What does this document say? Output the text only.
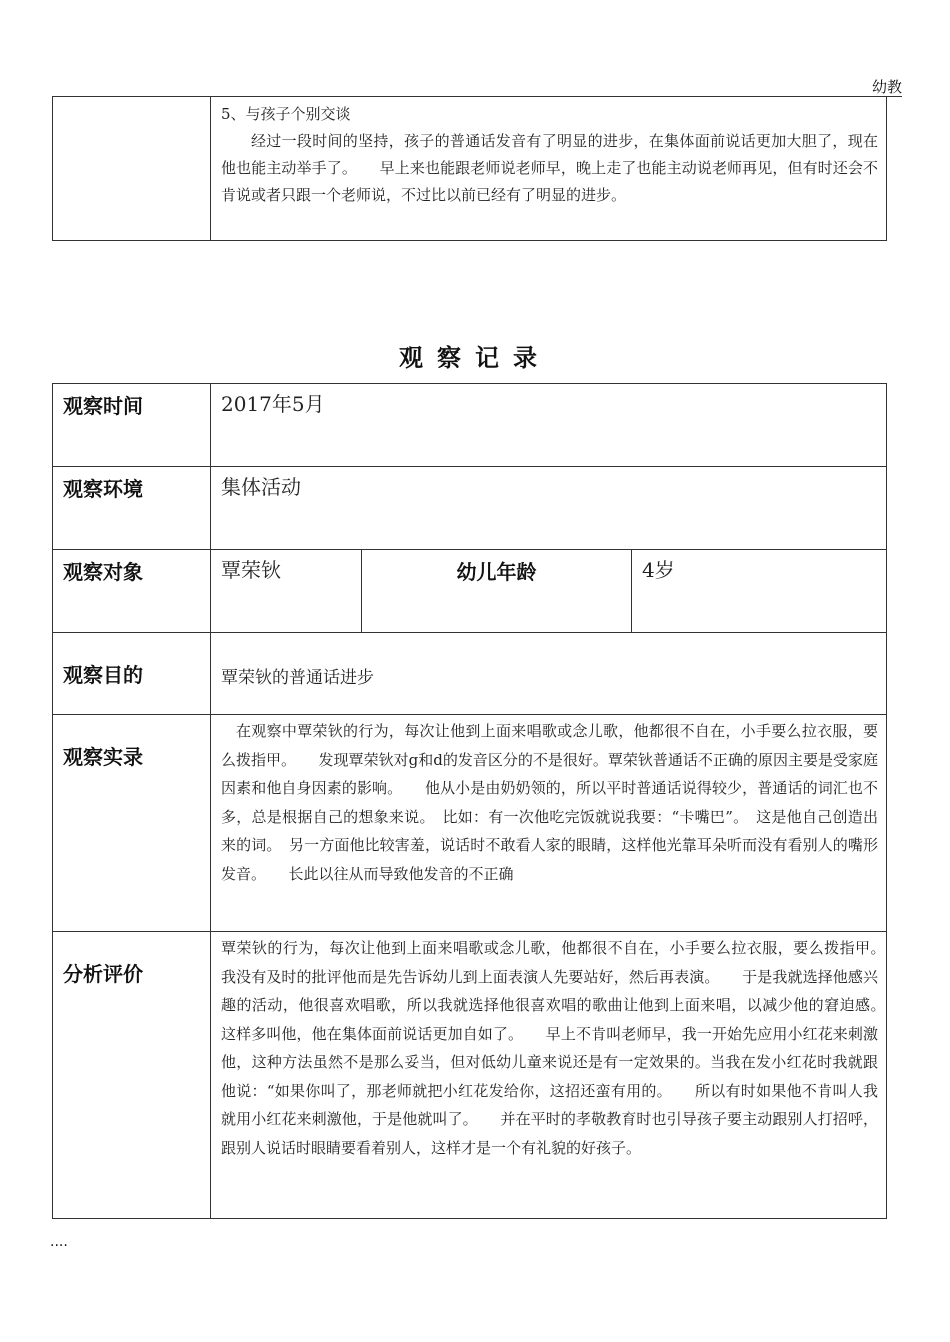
幼教

5、与孩子个别交谈
经过一段时间的坚持，孩子的普通话发音有了明显的进步，在集体面前说话更加大胆了，现在他也能主动举手了。　　早上来也能跟老师说老师早，晚上走了也能主动说老师再见，但有时还会不肯说或者只跟一个老师说，不过比以前已经有了明显的进步。
观察记录
观察时间	2017年5月		
观察环境	集体活动		
观察对象	覃荣钬	幼儿年龄	4岁
观察目的	覃荣钬的普通话进步		
观察实录	在观察中覃荣钬的行为，每次让他到上面来唱歌或念儿歌，他都很不自在，小手要么拉衣服，要么拨指甲。　　发现覃荣钬对g和d的发音区分的不是很好。覃荣钬普通话不正确的原因主要是受家庭因素和他自身因素的影响。　　他从小是由奶奶领的，所以平时普通话说得较少，普通话的词汇也不多，总是根据自己的想象来说。　比如：有一次他吃完饭就说我要：“卡嘴巴”。　这是他自己创造出来的词。　另一方面他比较害羞，说话时不敢看人家的眼睛，这样他光靠耳朵听而没有看别人的嘴形发音。　　长此以往从而导致他发音的不正确		
分析评价	覃荣钬的行为，每次让他到上面来唱歌或念儿歌，他都很不自在，小手要么拉衣服，要么拨指甲。　　我没有及时的批评他而是先告诉幼儿到上面表演人先要站好，然后再表演。　　于是我就选择他感兴趣的活动，他很喜欢唱歌，所以我就选择他很喜欢唱的歌曲让他到上面来唱，以减少他的窘迫感。　　这样多叫他，他在集体面前说话更加自如了。　　早上不肯叫老师早，我一开始先应用小红花来刺激他，这种方法虽然不是那么妥当，但对低幼儿童来说还是有一定效果的。当我在发小红花时我就跟他说：“如果你叫了，那老师就把小红花发给你，这招还蛮有用的。　　所以有时如果他不肯叫人我就用小红花来刺激他，于是他就叫了。　　并在平时的孝敬教育时也引导孩子要主动跟别人打招呼，跟别人说话时眼睛要看着别人，这样才是一个有礼貌的好孩子。		
....
